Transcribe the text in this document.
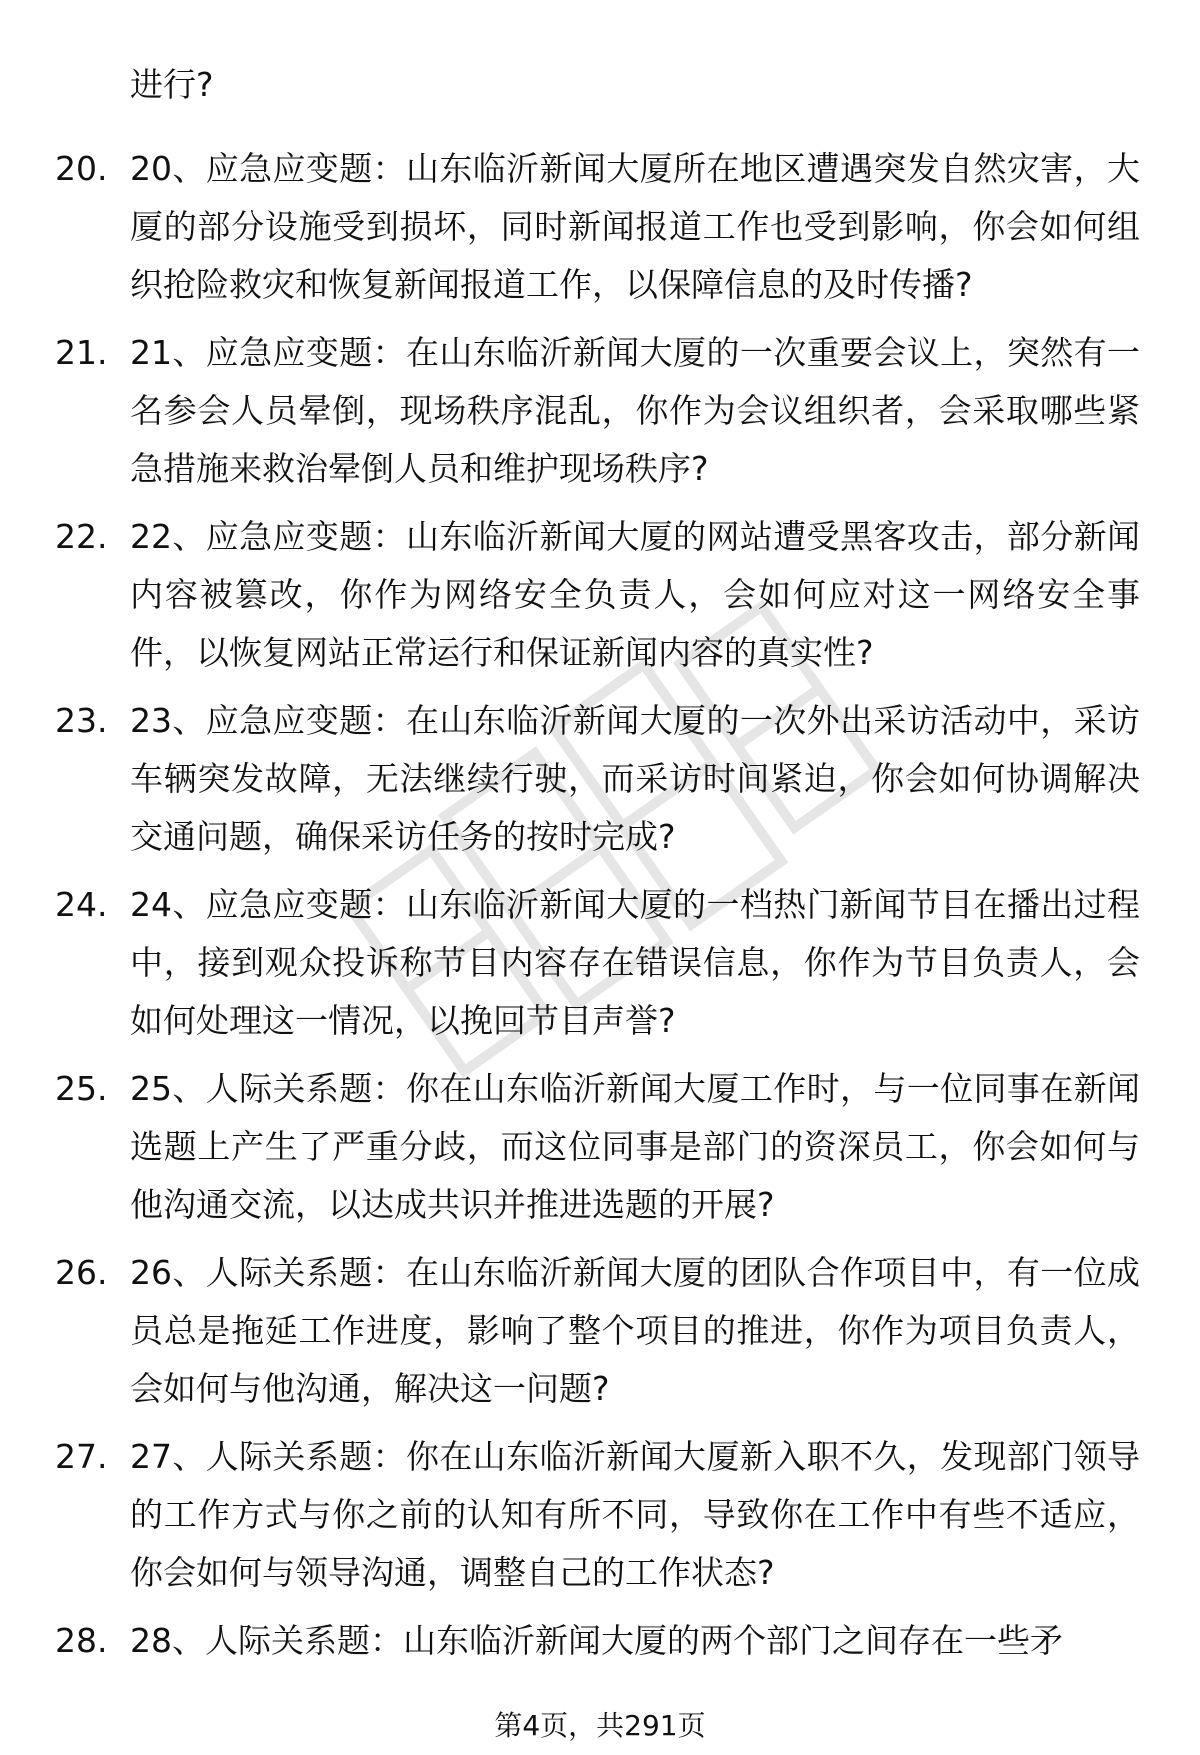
进行?
20. 20、应急应变题：山东临沂新闻大厦所在地区遭遇突发自然灾害，大厦的部分设施受到损坏，同时新闻报道工作也受到影响，你会如何组织抢险救灾和恢复新闻报道工作，以保障信息的及时传播?
21. 21、应急应变题：在山东临沂新闻大厦的一次重要会议上，突然有一名参会人员晕倒，现场秩序混乱，你作为会议组织者，会采取哪些紧急措施来救治晕倒人员和维护现场秩序?
22. 22、应急应变题：山东临沂新闻大厦的网站遭受黑客攻击，部分新闻内容被篡改，你作为网络安全负责人，会如何应对这一网络安全事件，以恢复网站正常运行和保证新闻内容的真实性?
23. 23、应急应变题：在山东临沂新闻大厦的一次外出采访活动中，采访车辆突发故障，无法继续行驶，而采访时间紧迫，你会如何协调解决交通问题，确保采访任务的按时完成?
24. 24、应急应变题：山东临沂新闻大厦的一档热门新闻节目在播出过程中，接到观众投诉称节目内容存在错误信息，你作为节目负责人，会如何处理这一情况，以挽回节目声誉?
25. 25、人际关系题：你在山东临沂新闻大厦工作时，与一位同事在新闻选题上产生了严重分歧，而这位同事是部门的资深员工，你会如何与他沟通交流，以达成共识并推进选题的开展?
26. 26、人际关系题：在山东临沂新闻大厦的团队合作项目中，有一位成员总是拖延工作进度，影响了整个项目的推进，你作为项目负责人，会如何与他沟通，解决这一问题?
27. 27、人际关系题：你在山东临沂新闻大厦新入职不久，发现部门领导的工作方式与你之前的认知有所不同，导致你在工作中有些不适应，你会如何与领导沟通，调整自己的工作状态?
28. 28、人际关系题：山东临沂新闻大厦的两个部门之间存在一些矛
第4页，共291页
